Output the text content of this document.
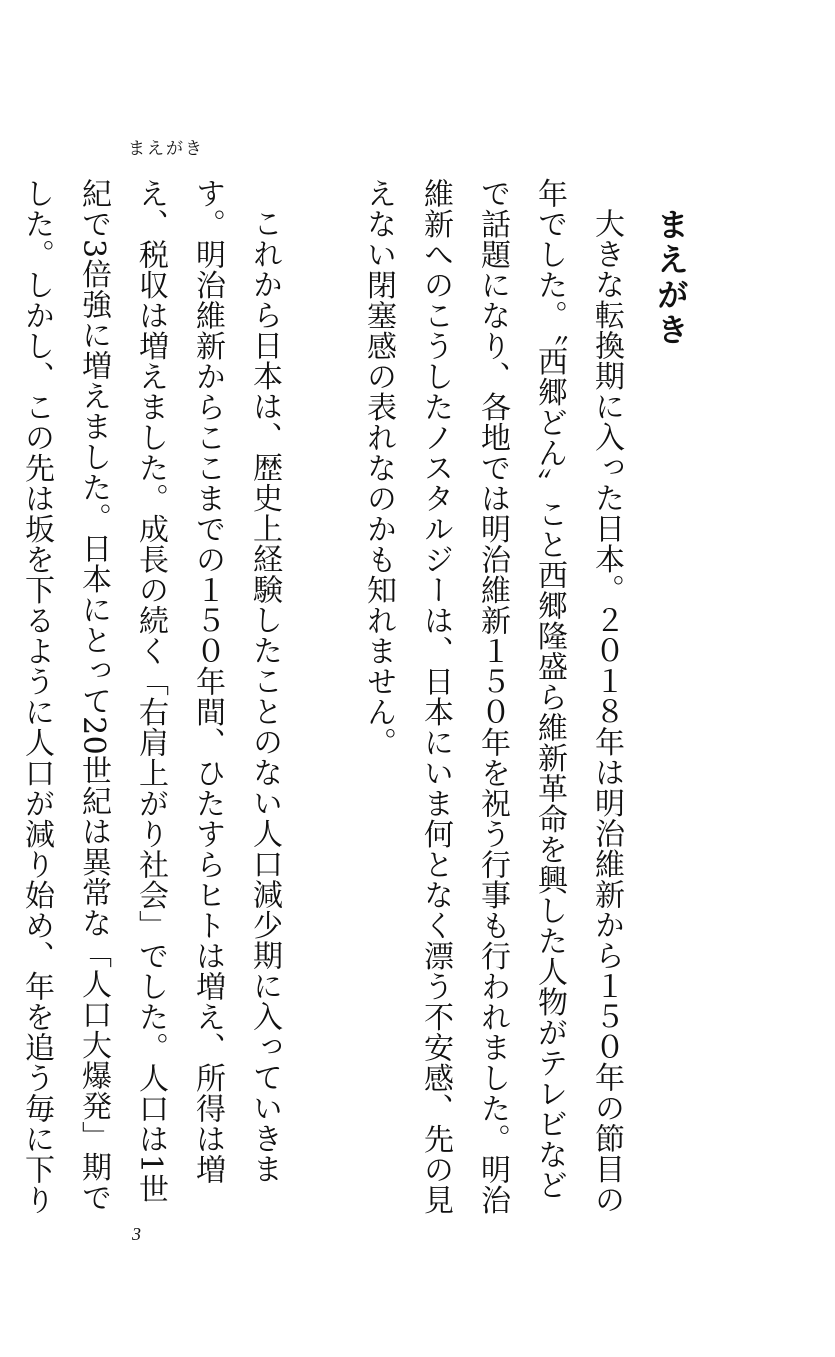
まえがき
まえがき

大きな転換期に入った日本。２０１８年は明治維新から１５０年の節目の年でした。〝西郷どん〟こと西郷隆盛ら維新革命を興した人物がテレビなどで話題になり、各地では明治維新１５０年を祝う行事も行われました。明治維新へのこうしたノスタルジーは、日本にいま何となく漂う不安感、先の見えない閉塞感の表れなのかも知れません。

これから日本は、歴史上経験したことのない人口減少期に入っていきます。明治維新からここまでの１５０年間、ひたすらヒトは増え、所得は増え、税収は増えました。成長の続く「右肩上がり社会」でした。人口は1世紀で3倍強に増えました。日本にとって20世紀は異常な「人口大爆発」期でした。しかし、この先は坂を下るように人口が減り始め、年を追う毎に下り

3
